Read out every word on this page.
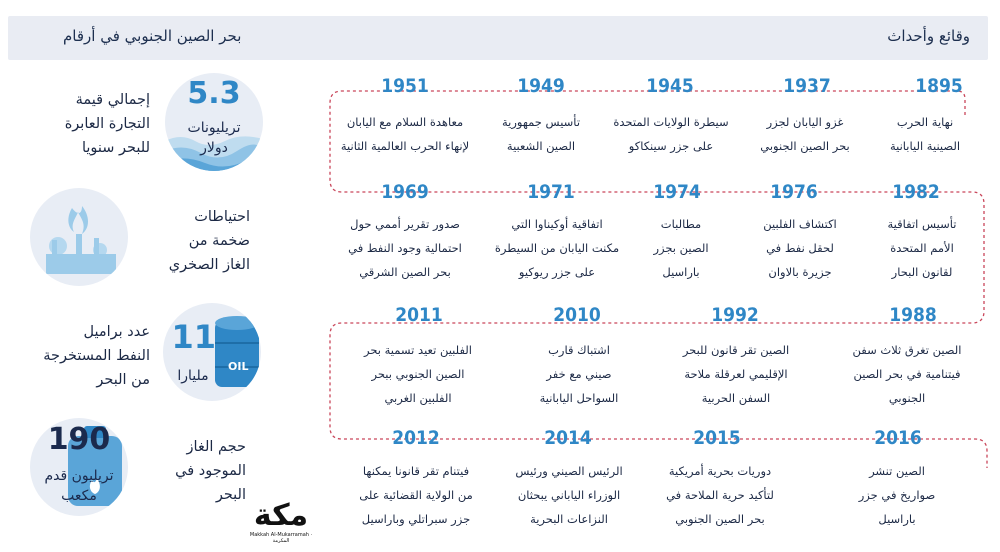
وقائع وأحداث
بحر الصين الجنوبي في أرقام
1895
نهاية الحرب
الصينية اليابانية
1937
غزو اليابان لجزر
بحر الصين الجنوبي
1945
سيطرة الولايات المتحدة
على جزر سينكاكو
1949
تأسيس جمهورية
الصين الشعبية
1951
معاهدة السلام مع اليابان
لإنهاء الحرب العالمية الثانية
1982
تأسيس اتفاقية
الأمم المتحدة
لقانون البحار
1976
اكتشاف الفلبين
لحقل نفط في
جزيرة بالاوان
1974
مطالبات
الصين بجزر
باراسيل
1971
اتفاقية أوكيناوا التي
مكنت اليابان من السيطرة
على جزر ريوكيو
1969
صدور تقرير أممي حول
احتمالية وجود النفط في
بحر الصين الشرقي
1988
الصين تغرق ثلاث سفن
فيتنامية في بحر الصين
الجنوبي
1992
الصين تقر قانون للبحر
الإقليمي لعرقلة ملاحة
السفن الحربية
2010
اشتباك قارب
صيني مع خفر
السواحل اليابانية
2011
الفلبين تعيد تسمية بحر
الصين الجنوبي ببحر
الفلبين الغربي
2016
الصين تنشر
صواريخ في جزر
باراسيل
2015
دوريات بحرية أمريكية
لتأكيد حرية الملاحة في
بحر الصين الجنوبي
2014
الرئيس الصيني ورئيس
الوزراء الياباني يبحثان
النزاعات البحرية
2012
فيتنام تقر قانونا يمكنها
من الولاية القضائية على
جزر سبراتلي وباراسيل
5.3
تريليونات
دولار
إجمالي قيمة
التجارة العابرة
للبحر سنويا
احتياطات
ضخمة من
الغاز الصخري
11
مليارا
OIL
عدد براميل
النفط المستخرجة
من البحر
190
تريليون قدم
مكعب
حجم الغاز
الموجود في
البحر
مكة
Makkah Al-Mukarramah · المكرمة
